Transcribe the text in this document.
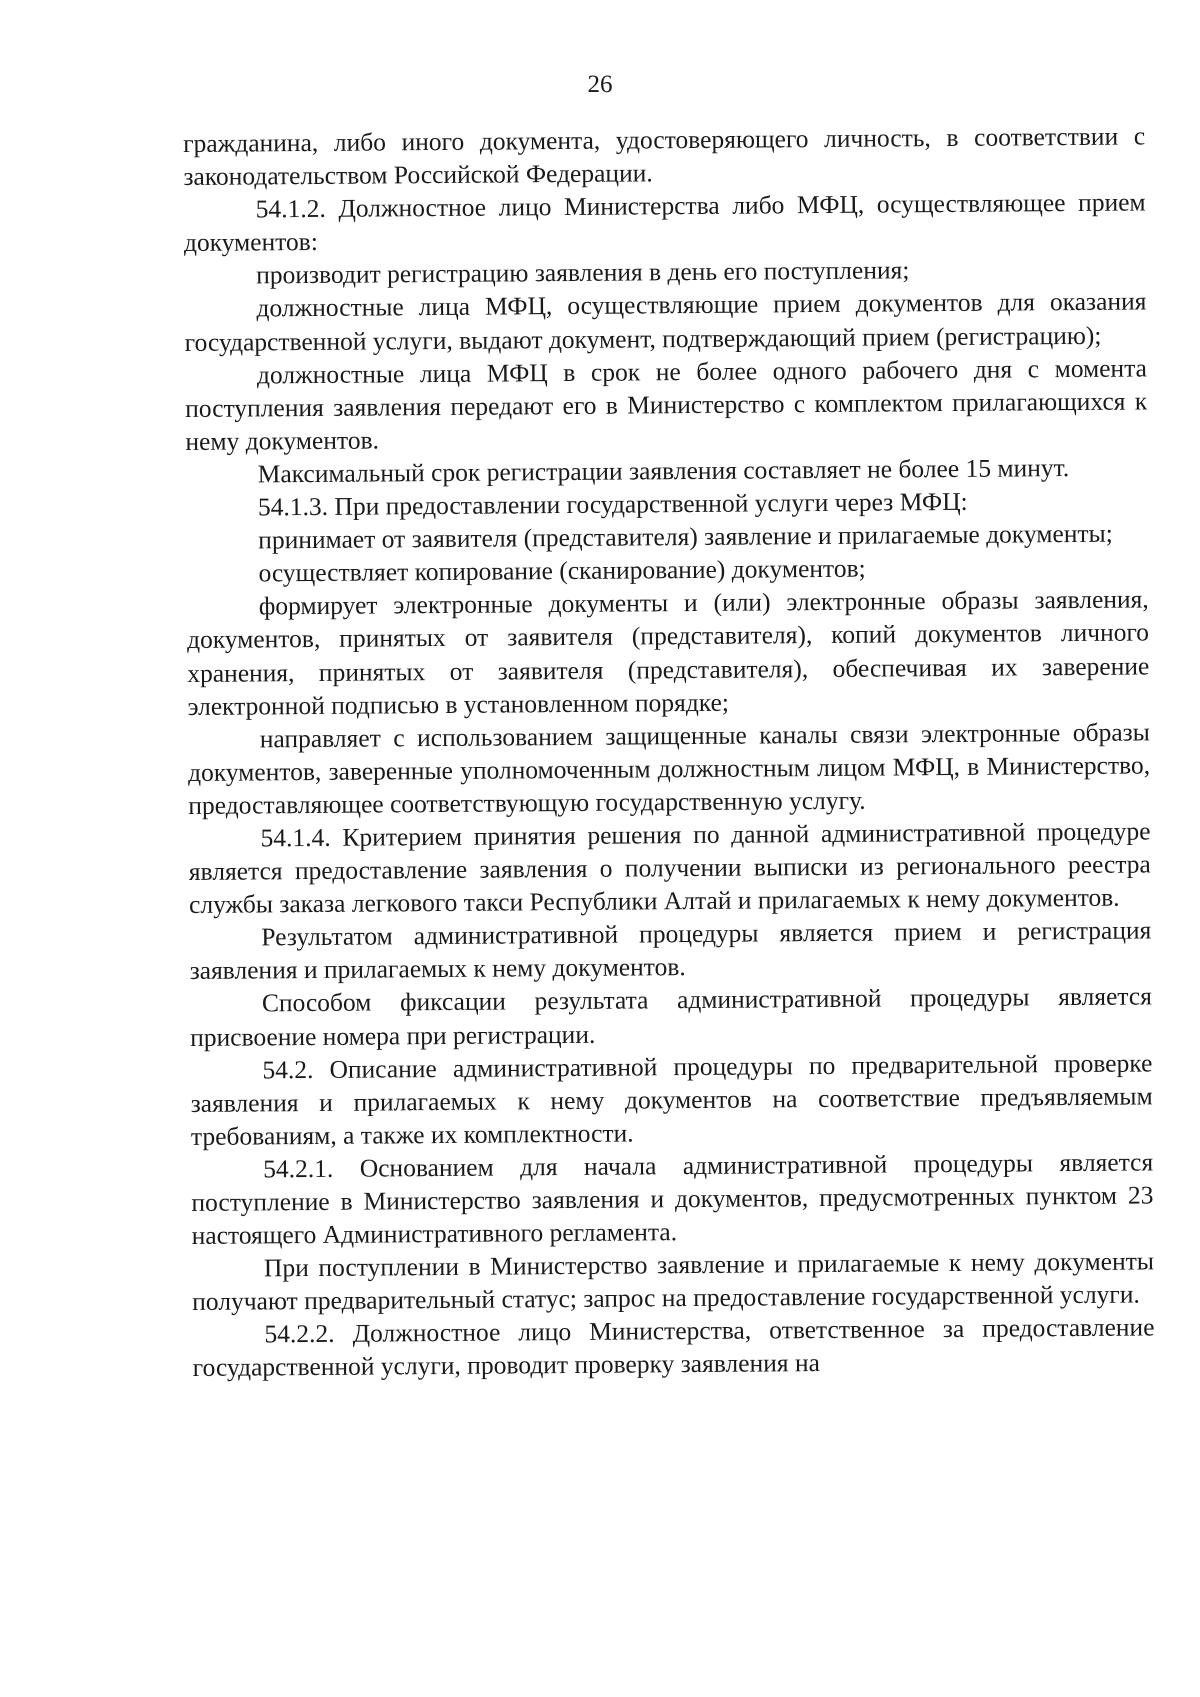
26

гражданина, либо иного документа, удостоверяющего личность, в соответствии с законодательством Российской Федерации.

54.1.2. Должностное лицо Министерства либо МФЦ, осуществляющее прием документов:

производит регистрацию заявления в день его поступления;

должностные лица МФЦ, осуществляющие прием документов для оказания государственной услуги, выдают документ, подтверждающий прием (регистрацию);

должностные лица МФЦ в срок не более одного рабочего дня с момента поступления заявления передают его в Министерство с комплектом прилагающихся к нему документов.

Максимальный срок регистрации заявления составляет не более 15 минут.

54.1.3. При предоставлении государственной услуги через МФЦ:

принимает от заявителя (представителя) заявление и прилагаемые документы;

осуществляет копирование (сканирование) документов;

формирует электронные документы и (или) электронные образы заявления, документов, принятых от заявителя (представителя), копий документов личного хранения, принятых от заявителя (представителя), обеспечивая их заверение электронной подписью в установленном порядке;

направляет с использованием защищенные каналы связи электронные образы документов, заверенные уполномоченным должностным лицом МФЦ, в Министерство, предоставляющее соответствующую государственную услугу.

54.1.4. Критерием принятия решения по данной административной процедуре является предоставление заявления о получении выписки из регионального реестра службы заказа легкового такси Республики Алтай и прилагаемых к нему документов.

Результатом административной процедуры является прием и регистрация заявления и прилагаемых к нему документов.

Способом фиксации результата административной процедуры является присвоение номера при регистрации.

54.2. Описание административной процедуры по предварительной проверке заявления и прилагаемых к нему документов на соответствие предъявляемым требованиям, а также их комплектности.

54.2.1. Основанием для начала административной процедуры является поступление в Министерство заявления и документов, предусмотренных пунктом 23 настоящего Административного регламента.

При поступлении в Министерство заявление и прилагаемые к нему документы получают предварительный статус; запрос на предоставление государственной услуги.

54.2.2. Должностное лицо Министерства, ответственное за предоставление государственной услуги, проводит проверку заявления на
